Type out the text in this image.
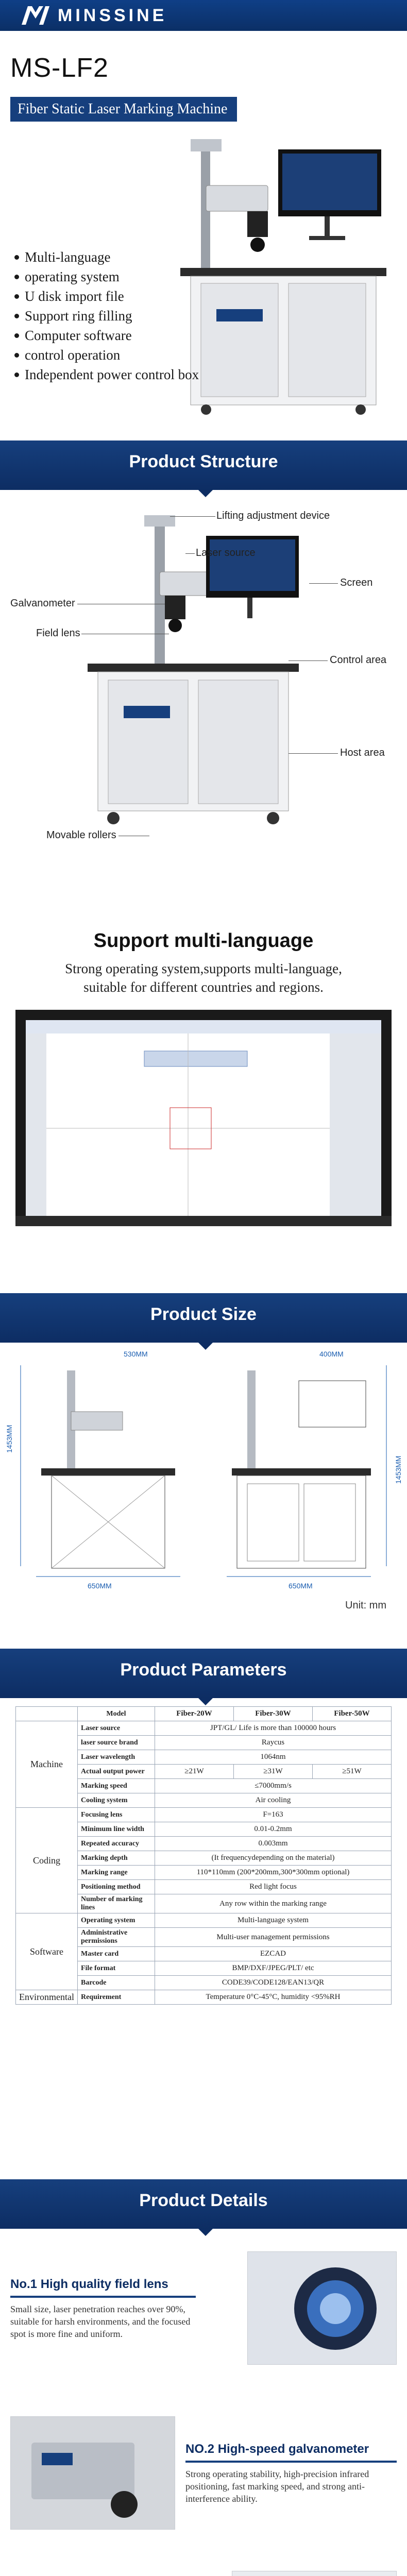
MINSSINE
MS-LF2
Fiber Static Laser Marking Machine
Multi-language
operating system
U disk import file
Support ring filling
Computer software
control operation
Independent power control box
Product Structure
Lifting adjustment device
Laser source
Screen
Galvanometer
Field lens
Control area
Host area
Movable rollers
Support multi-language
Strong operating system,supports multi-language,
suitable for different countries and regions.
Product Size
1453MM
650MM
530MM
1453MM
650MM
400MM
Unit: mm
Product Parameters
	Model	Fiber-20W	Fiber-30W	Fiber-50W
Machine	Laser source	JPT/GL/ Life is more than 100000 hours		
	laser source brand	Raycus		
	Laser wavelength	1064nm		
	Actual output power	≥21W	≥31W	≥51W
	Marking speed	≤7000mm/s		
	Cooling system	Air cooling		
Coding	Focusing lens	F=163		
	Minimum line width	0.01-0.2mm		
	Repeated accuracy	0.003mm		
	Marking depth	(It frequencydepending on the material)		
	Marking range	110*110mm (200*200mm,300*300mm optional)		
	Positioning method	Red light focus		
	Number of marking lines	Any row within the marking range		
Software	Operating system	Multi-language system		
	Administrative permissions	Multi-user management permissions		
	Master card	EZCAD		
	File format	BMP/DXF/JPEG/PLT/ etc		
	Barcode	CODE39/CODE128/EAN13/QR		
Environmental	Requirement	Temperature 0°C-45°C, humidity <95%RH		
Product Details
No.1 High quality field lens
Small size, laser penetration reaches over 90%, suitable for harsh environments, and the focused spot is more fine and uniform.
NO.2 High-speed galvanometer
Strong operating stability, high-precision infrared positioning, fast marking speed, and strong anti-interference ability.
